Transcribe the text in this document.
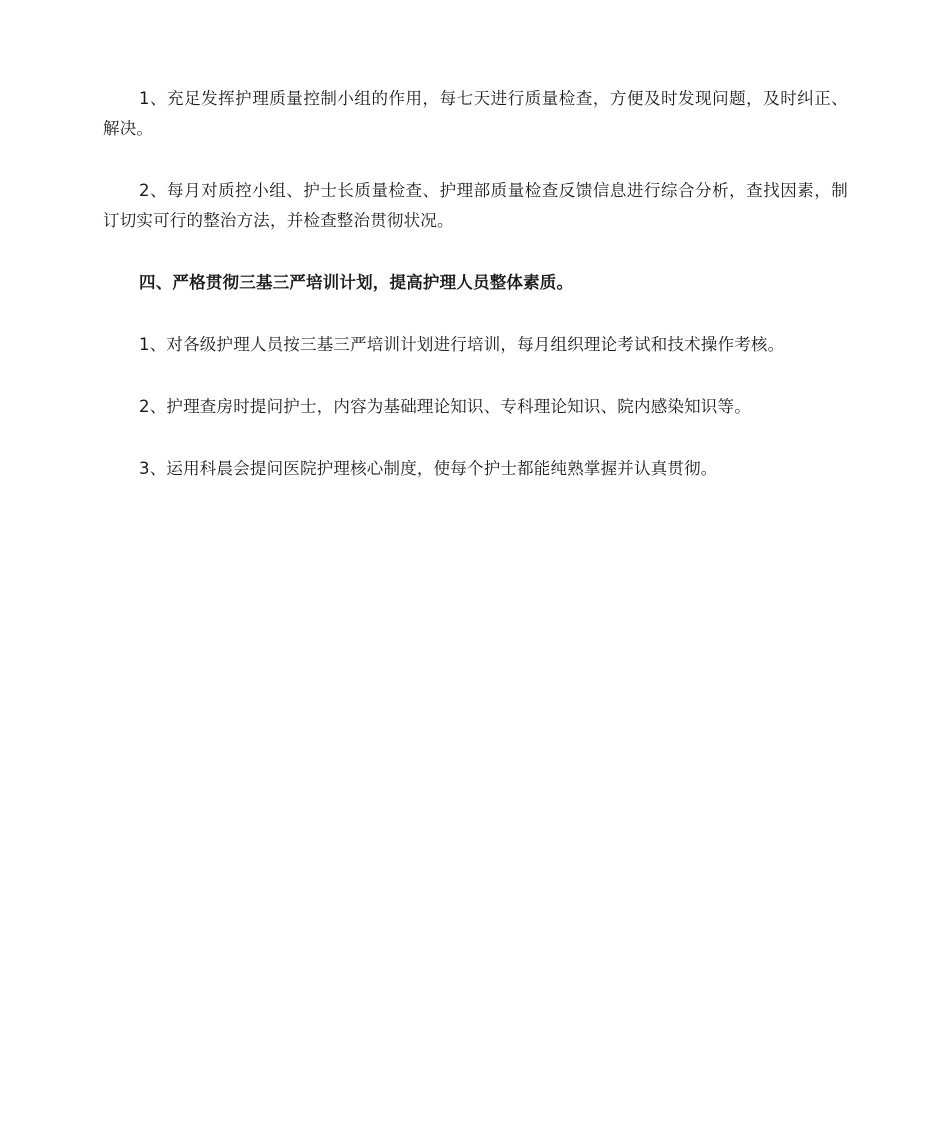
1、充足发挥护理质量控制小组的作用，每七天进行质量检查，方便及时发现问题，及时纠正、解决。

2、每月对质控小组、护士长质量检查、护理部质量检查反馈信息进行综合分析，查找因素，制订切实可行的整治方法，并检查整治贯彻状况。

四、严格贯彻三基三严培训计划，提高护理人员整体素质。

1、对各级护理人员按三基三严培训计划进行培训，每月组织理论考试和技术操作考核。

2、护理查房时提问护士，内容为基础理论知识、专科理论知识、院内感染知识等。

3、运用科晨会提问医院护理核心制度，使每个护士都能纯熟掌握并认真贯彻。
